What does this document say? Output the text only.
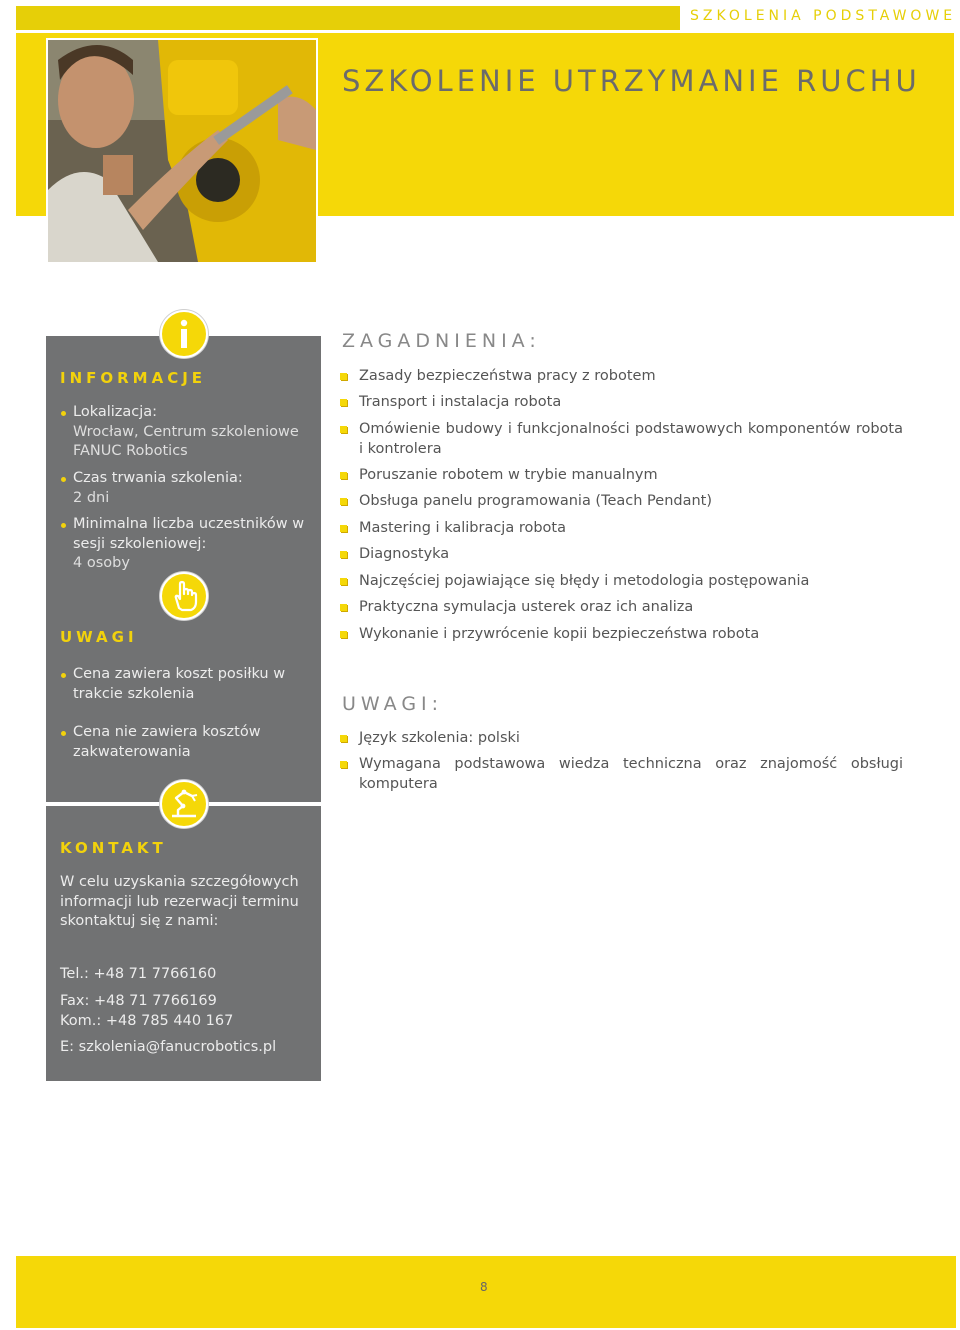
SZKOLENIA PODSTAWOWE
SZKOLENIE UTRZYMANIE RUCHU
INFORMACJE
Lokalizacja:
Wrocław, Centrum szkoleniowe FANUC Robotics
Czas trwania szkolenia:
2 dni
Minimalna liczba uczestników w sesji szkoleniowej:
4 osoby
UWAGI
Cena zawiera koszt posiłku w trakcie szkolenia
Cena nie zawiera kosztów zakwaterowania
KONTAKT
W celu uzyskania szczegółowych informacji lub rezerwacji terminu skontaktuj się z nami:
Tel.: +48 71 7766160
Fax: +48 71 7766169
Kom.: +48 785 440 167
E: szkolenia@fanucrobotics.pl
ZAGADNIENIA:
Zasady bezpieczeństwa pracy z robotem
Transport i instalacja robota
Omówienie budowy i funkcjonalności podstawowych komponentów robota i kontrolera
Poruszanie robotem w trybie manualnym
Obsługa panelu programowania (Teach Pendant)
Mastering i kalibracja robota
Diagnostyka
Najczęściej pojawiające się błędy i metodologia postępowania
Praktyczna symulacja usterek oraz ich analiza
Wykonanie i przywrócenie kopii bezpieczeństwa robota
UWAGI:
Język szkolenia: polski
Wymagana podstawowa wiedza techniczna oraz znajomość obsługi komputera
8
